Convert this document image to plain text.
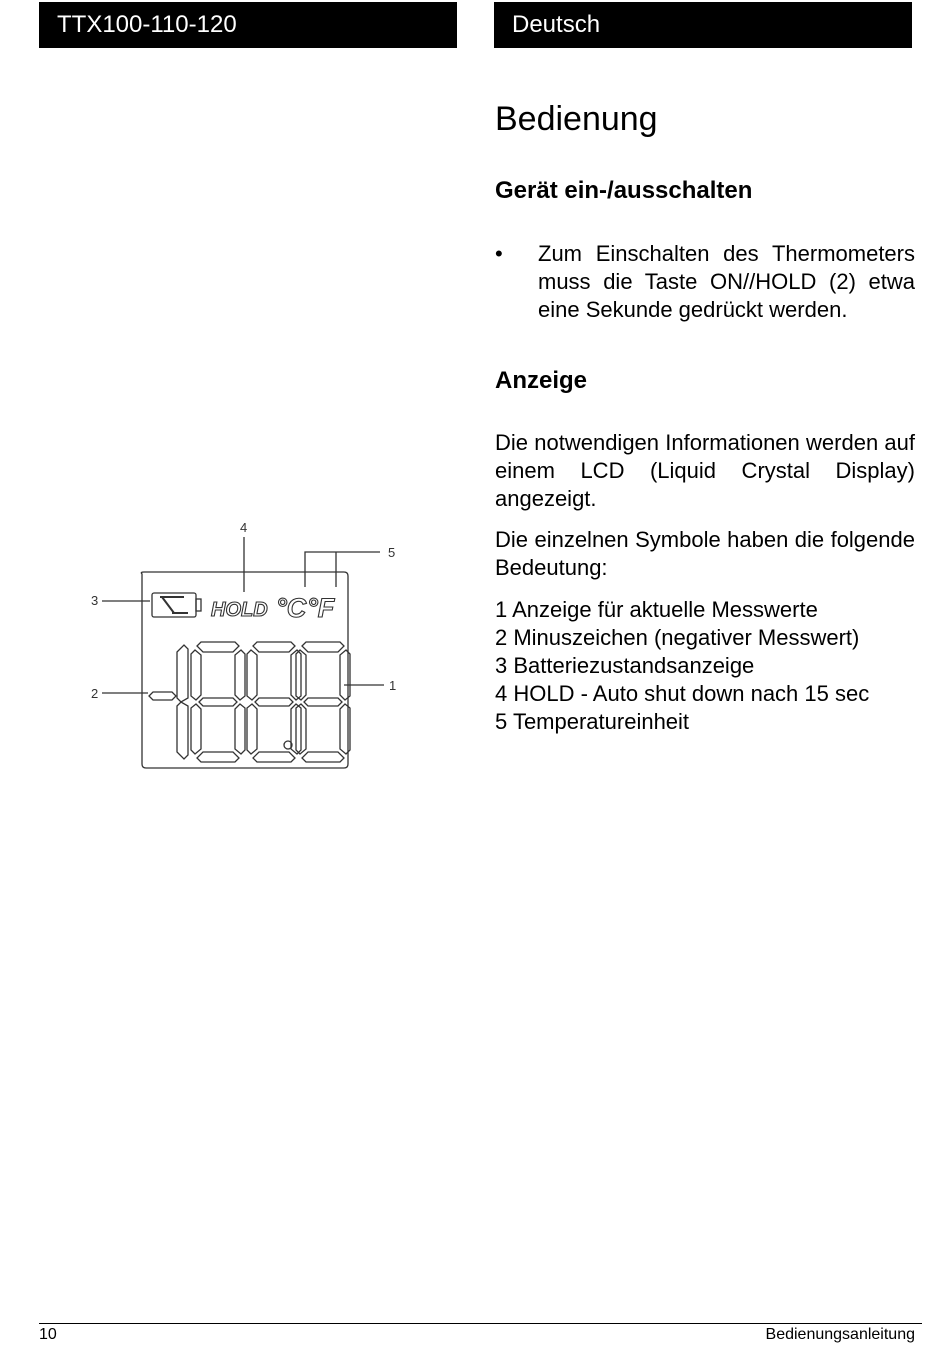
TTX100-110-120	Deutsch
Bedienung
Gerät ein-/ausschalten
•	Zum Einschalten des Thermometers muss die Taste ON//HOLD (2) etwa eine Sekunde gedrückt werden.
Anzeige
Die notwendigen Informationen werden auf einem LCD (Liquid Crystal Display) angezeigt.
Die einzelnen Symbole haben die folgende Bedeutung:
1 Anzeige für aktuelle Messwerte
2 Minuszeichen (negativer Messwert)
3 Batteriezustandsanzeige
4 HOLD - Auto shut down nach 15 sec
5 Temperatureinheit
HOLD °C °F
4
5
3
2
1
10	Bedienungsanleitung
